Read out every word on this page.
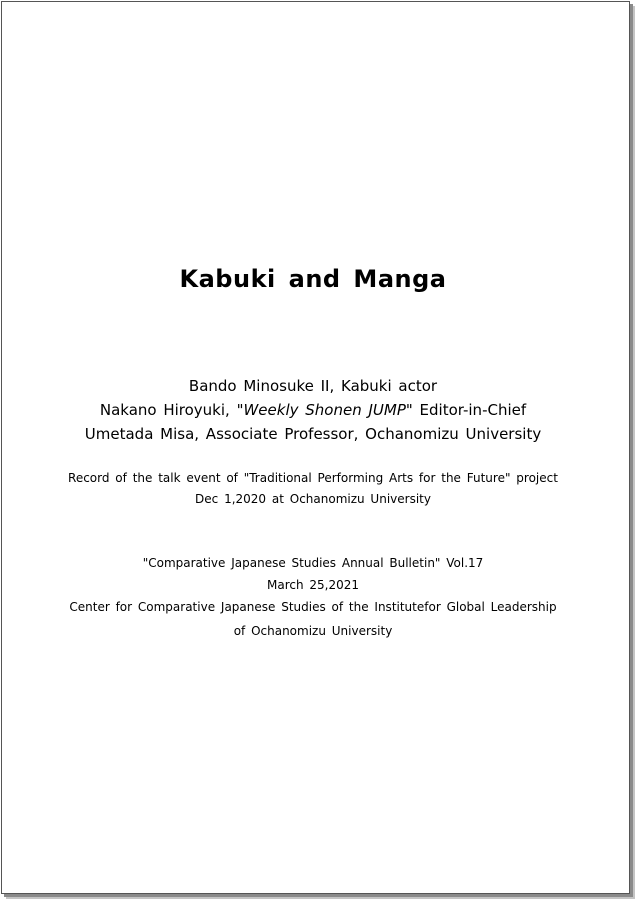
Kabuki and Manga
Bando Minosuke II, Kabuki actor
Nakano Hiroyuki, "Weekly Shonen JUMP" Editor-in-Chief
Umetada Misa, Associate Professor, Ochanomizu University
Record of the talk event of "Traditional Performing Arts for the Future" project
Dec 1,2020 at Ochanomizu University
"Comparative Japanese Studies Annual Bulletin" Vol.17
March 25,2021
Center for Comparative Japanese Studies of the Institutefor Global Leadership
of Ochanomizu University
